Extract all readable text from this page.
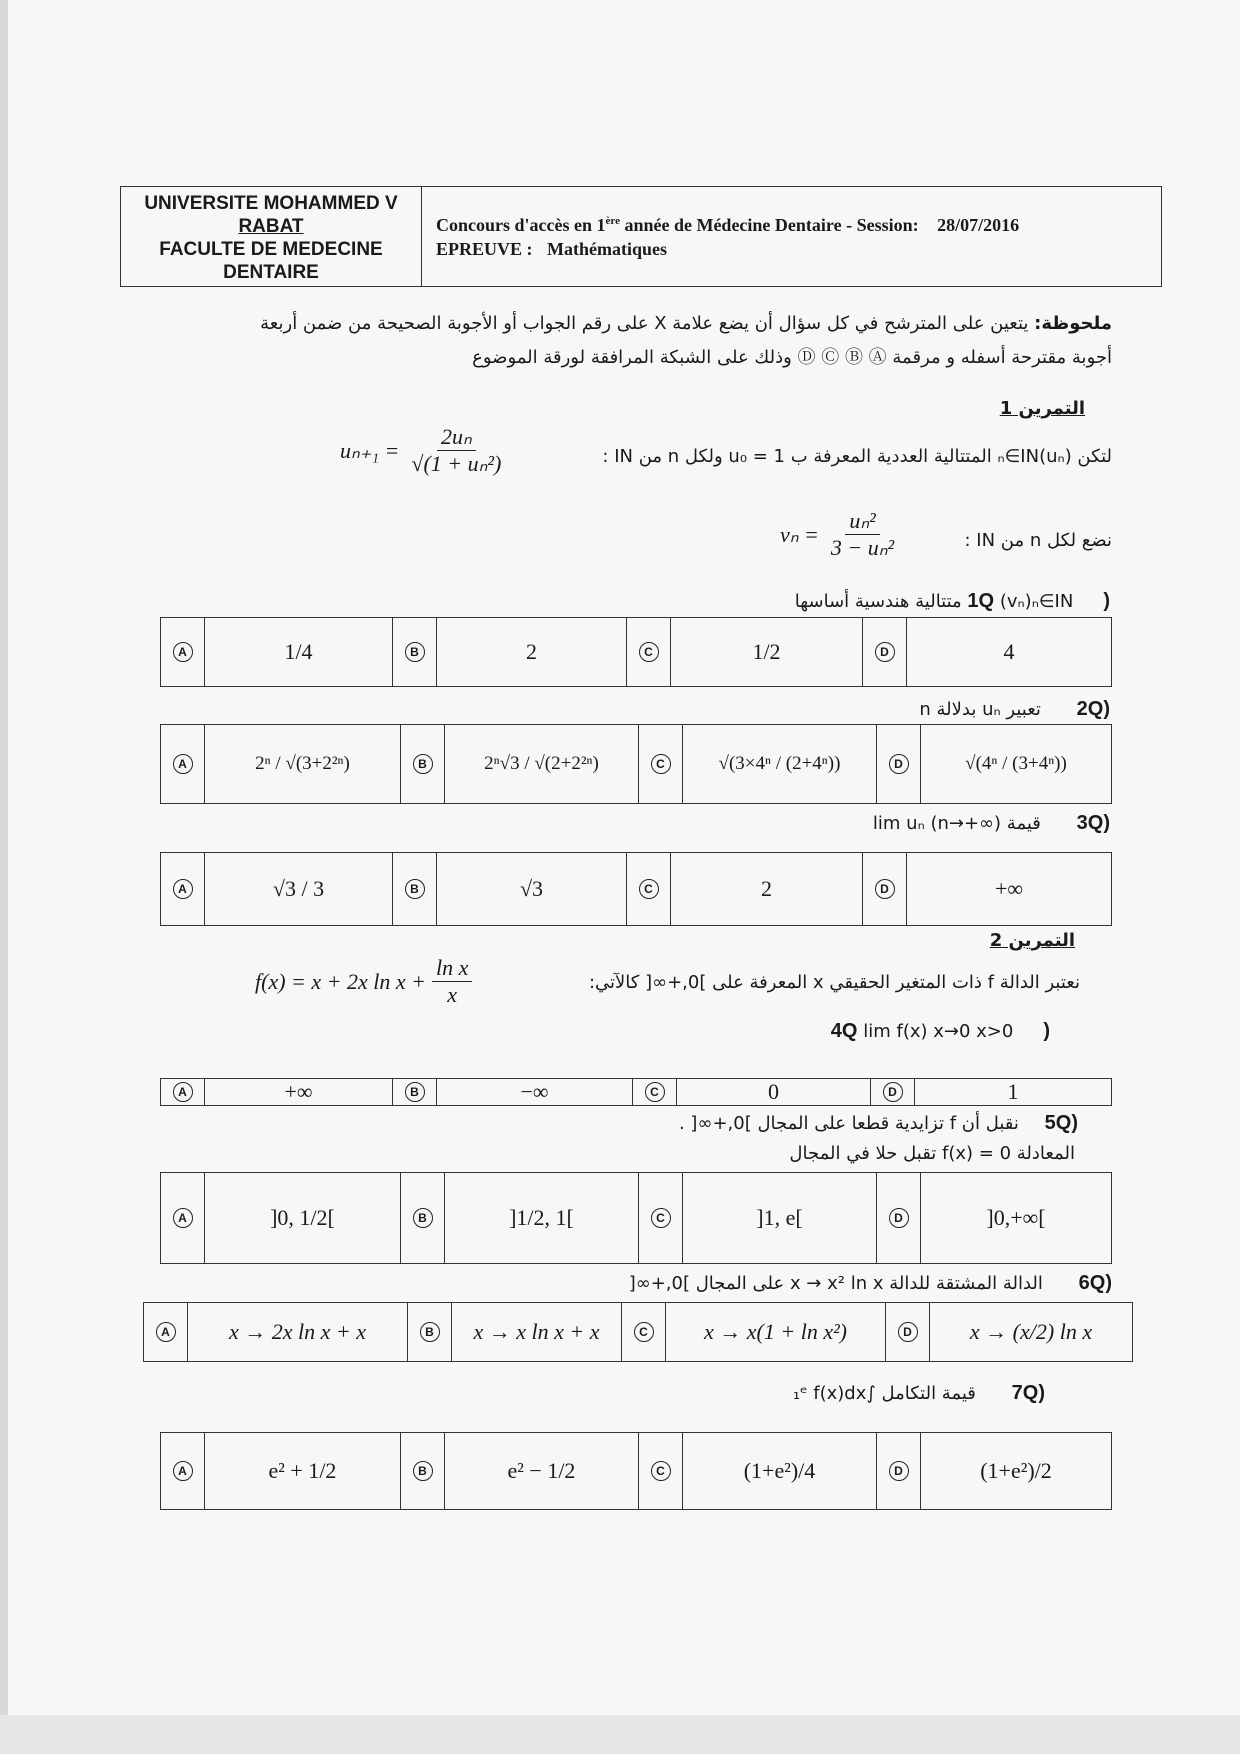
UNIVERSITE MOHAMMED V
RABAT
FACULTE DE MEDECINE
DENTAIRE
Concours d'accès en 1ère année de Médecine Dentaire - Session: 28/07/2016
EPREUVE : Mathématiques
ملحوظة: يتعين على المترشح في كل سؤال أن يضع علامة X على رقم الجواب أو الأجوبة الصحيحة من ضمن أربعة
أجوبة مقترحة أسفله و مرقمة Ⓓ Ⓒ Ⓑ Ⓐ وذلك على الشبكة المرافقة لورقة الموضوع
التمرين 1
لتكن (uₙ)ₙ∈IN المتتالية العددية المعرفة ب u₀ = 1 ولكل n من IN :
$u_{n+1} = \frac{\text{2uₙ}}{\text{√(1 + uₙ²)}}$
نضع لكل n من IN :
$v_n = \frac{\text{uₙ²}}{\text{3 − uₙ²}}$
(1Q (vₙ)ₙ∈IN متتالية هندسية أساسها
A	1/4	B	2	C	1/2	D	4
(2Q تعبير uₙ بدلالة n
A	2ⁿ / √(3+2²ⁿ)	B	2ⁿ√3 / √(2+2²ⁿ)	C	√(3×4ⁿ / (2+4ⁿ))	D	√(4ⁿ / (3+4ⁿ))
(3Q قيمة lim uₙ (n→+∞)
A	√3 / 3	B	√3	C	2	D	+∞
التمرين 2
نعتبر الدالة f ذات المتغير الحقيقي x المعرفة على ]0,+∞[ كالآتي:
f(x) = x + 2x $\ln x + \frac{\text{ln x}}{x}$
(4Q lim f(x) x→0 x>0
A	+∞	B	−∞	C	0	D	1
(5Q نقبل أن f تزايدية قطعا على المجال ]0,+∞[ .
المعادلة f(x) = 0 تقبل حلا في المجال
A	]0, 1/2[	B	]1/2, 1[	C	]1, e[	D	]0,+∞[
(6Q الدالة المشتقة للدالة x → x² ln x على المجال ]0,+∞[
A	x → 2x ln x + x	B	x → x ln x + x	C	x → x(1 + ln x²)	D	x → (x/2) ln x
(7Q قيمة التكامل ∫₁ᵉ f(x)dx
A	e² + 1/2	B	e² − 1/2	C	(1+e²)/4	D	(1+e²)/2
